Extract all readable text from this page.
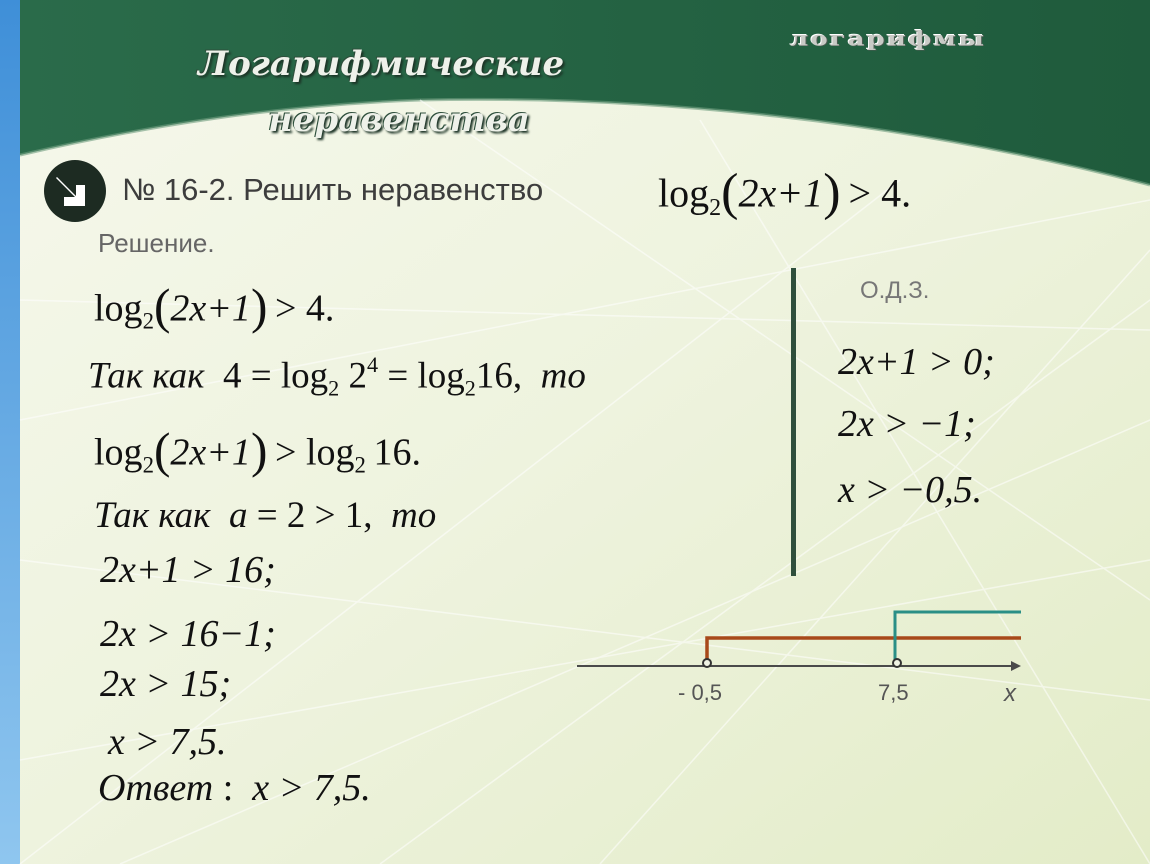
Логарифмические
неравенства
логарифмы
№ 16-2. Решить неравенство	$\log_2(2x+1) > 4$.
Решение.
$\log_2(2x+1) > 4$.
Так как $4 = \log_2 2^4 = \log_216$, то
$\log_2(2x+1) > \log_2 16$.
Так как a = 2 > 1, то
2x+1 > 16;
2x > 16−1;
2x > 15;
x > 7,5.
Ответ : x > 7,5.
О.Д.З.
2x+1 > 0;
2x > −1;
x > −0,5.
- 0,5	7,5	x
